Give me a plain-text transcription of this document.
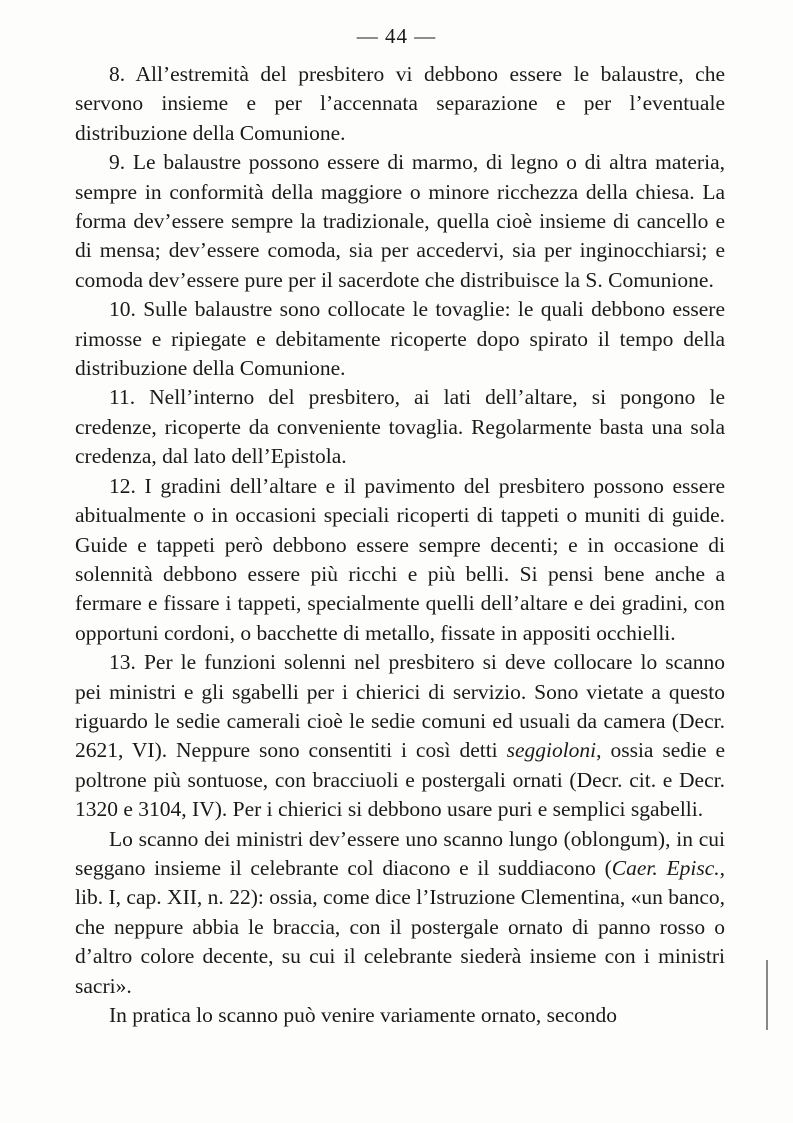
— 44 —

8. All’estremità del presbitero vi debbono essere le balaustre, che servono insieme e per l’accennata separazione e per l’eventuale distribuzione della Comunione.

9. Le balaustre possono essere di marmo, di legno o di altra materia, sempre in conformità della maggiore o minore ricchezza della chiesa. La forma dev’essere sempre la tradizionale, quella cioè insieme di cancello e di mensa; dev’essere comoda, sia per accedervi, sia per inginocchiarsi; e comoda dev’essere pure per il sacerdote che distribuisce la S. Comunione.

10. Sulle balaustre sono collocate le tovaglie: le quali debbono essere rimosse e ripiegate e debitamente ricoperte dopo spirato il tempo della distribuzione della Comunione.

11. Nell’interno del presbitero, ai lati dell’altare, si pongono le credenze, ricoperte da conveniente tovaglia. Regolarmente basta una sola credenza, dal lato dell’Epistola.

12. I gradini dell’altare e il pavimento del presbitero possono essere abitualmente o in occasioni speciali ricoperti di tappeti o muniti di guide. Guide e tappeti però debbono essere sempre decenti; e in occasione di solennità debbono essere più ricchi e più belli. Si pensi bene anche a fermare e fissare i tappeti, specialmente quelli dell’altare e dei gradini, con opportuni cordoni, o bacchette di metallo, fissate in appositi occhielli.

13. Per le funzioni solenni nel presbitero si deve collocare lo scanno pei ministri e gli sgabelli per i chierici di servizio. Sono vietate a questo riguardo le sedie camerali cioè le sedie comuni ed usuali da camera (Decr. 2621, VI). Neppure sono consentiti i così detti seggioloni, ossia sedie e poltrone più sontuose, con bracciuoli e postergali ornati (Decr. cit. e Decr. 1320 e 3104, IV). Per i chierici si debbono usare puri e semplici sgabelli.

Lo scanno dei ministri dev’essere uno scanno lungo (oblongum), in cui seggano insieme il celebrante col diacono e il suddiacono (Caer. Episc., lib. I, cap. XII, n. 22): ossia, come dice l’Istruzione Clementina, «un banco, che neppure abbia le braccia, con il postergale ornato di panno rosso o d’altro colore decente, su cui il celebrante siederà insieme con i ministri sacri».

In pratica lo scanno può venire variamente ornato, secondo
